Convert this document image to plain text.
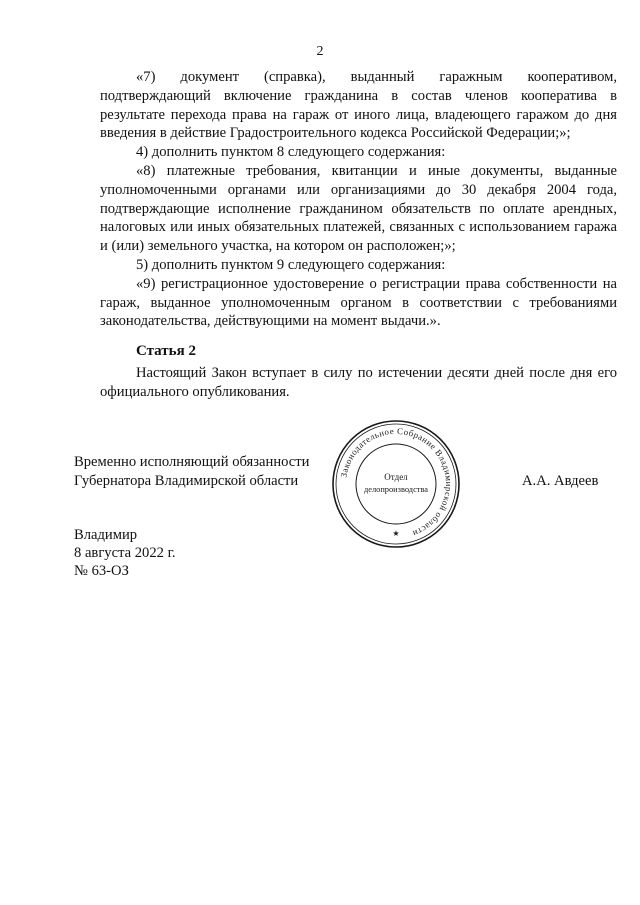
2

«7) документ (справка), выданный гаражным кооперативом, подтверждающий включение гражданина в состав членов кооператива в результате перехода права на гараж от иного лица, владеющего гаражом до дня введения в действие Градостроительного кодекса Российской Федерации;»;

4) дополнить пунктом 8 следующего содержания:

«8) платежные требования, квитанции и иные документы, выданные уполномоченными органами или организациями до 30 декабря 2004 года, подтверждающие исполнение гражданином обязательств по оплате арендных, налоговых или иных обязательных платежей, связанных с использованием гаража и (или) земельного участка, на котором он расположен;»;

5) дополнить пунктом 9 следующего содержания:

«9) регистрационное удостоверение о регистрации права собственности на гараж, выданное уполномоченным органом в соответствии с требованиями законодательства, действующими на момент выдачи.».

Статья 2

Настоящий Закон вступает в силу по истечении десяти дней после дня его официального опубликования.

Временно исполняющий обязанности
Губернатора Владимирской области	Законодательное Собрание Владимирской области
★
Отдел
делопроизводства
А.А. Авдеев
Владимир
8 августа 2022 г.
№ 63-ОЗ
